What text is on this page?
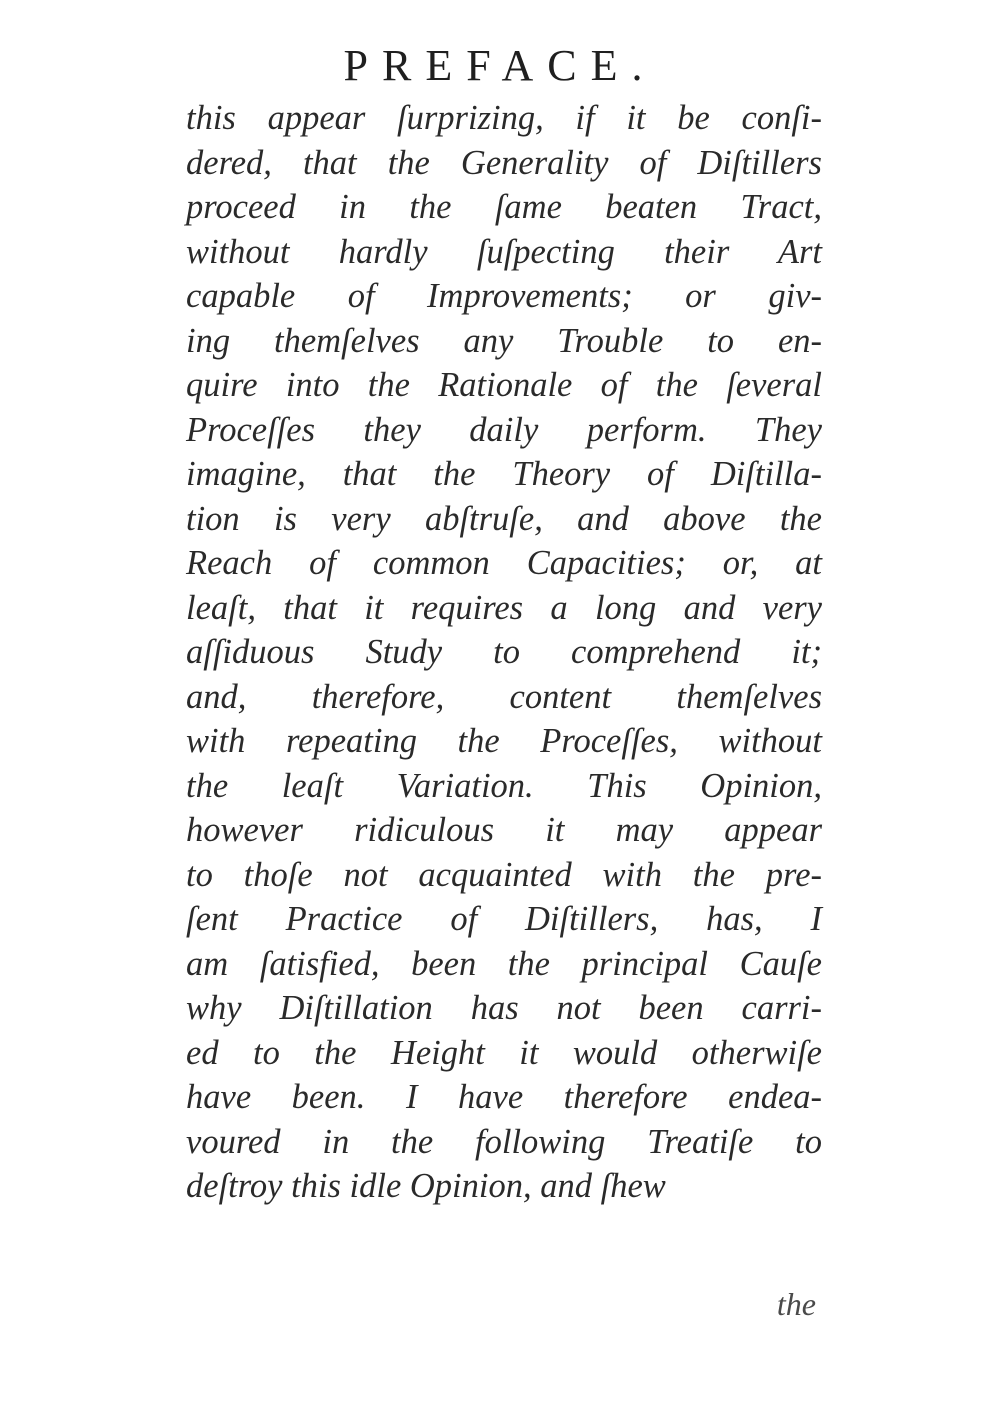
PREFACE.
this appear ſurprizing, if it be conſi-
dered, that the Generality of Diſtillers
proceed in the ſame beaten Tract,
without hardly ſuſpecting their Art
capable of Improvements; or giv-
ing themſelves any Trouble to en-
quire into the Rationale of the ſeveral
Proceſſes they daily perform. They
imagine, that the Theory of Diſtilla-
tion is very abſtruſe, and above the
Reach of common Capacities; or, at
leaſt, that it requires a long and very
aſſiduous Study to comprehend it;
and, therefore, content themſelves
with repeating the Proceſſes, without
the leaſt Variation. This Opinion,
however ridiculous it may appear
to thoſe not acquainted with the pre-
ſent Practice of Diſtillers, has, I
am ſatisfied, been the principal Cauſe
why Diſtillation has not been carri-
ed to the Height it would otherwiſe
have been. I have therefore endea-
voured in the following Treatiſe to
deſtroy this idle Opinion, and ſhew
the
